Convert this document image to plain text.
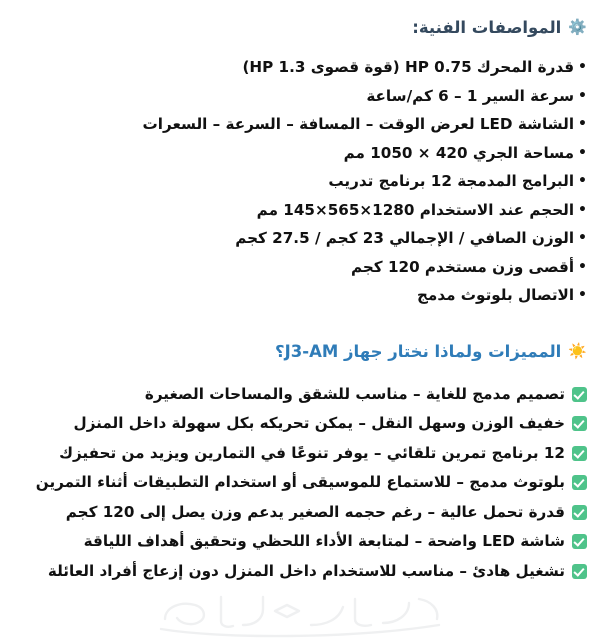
⚙️
المواصفات الفنية:
•
قدرة المحرك HP 0.75 (قوة قصوى HP 1.3)
•
سرعة السير 1 – 6 كم/ساعة
•
الشاشة LED لعرض الوقت – المسافة – السرعة – السعرات
•
مساحة الجري 420 × 1050 مم
•
البرامج المدمجة 12 برنامج تدريب
•
الحجم عند الاستخدام 1280×565×145 مم
•
الوزن الصافي / الإجمالي 23 كجم / 27.5 كجم
•
أقصى وزن مستخدم 120 كجم
•
الاتصال بلوتوث مدمج
☀️
المميزات ولماذا نختار جهاز J3-AM؟
تصميم مدمج للغاية – مناسب للشقق والمساحات الصغيرة
خفيف الوزن وسهل النقل – يمكن تحريكه بكل سهولة داخل المنزل
12 برنامج تمرين تلقائي – يوفر تنوعًا في التمارين ويزيد من تحفيزك
بلوتوث مدمج – للاستماع للموسيقى أو استخدام التطبيقات أثناء التمرين
قدرة تحمل عالية – رغم حجمه الصغير يدعم وزن يصل إلى 120 كجم
شاشة LED واضحة – لمتابعة الأداء اللحظي وتحقيق أهداف اللياقة
تشغيل هادئ – مناسب للاستخدام داخل المنزل دون إزعاج أفراد العائلة
